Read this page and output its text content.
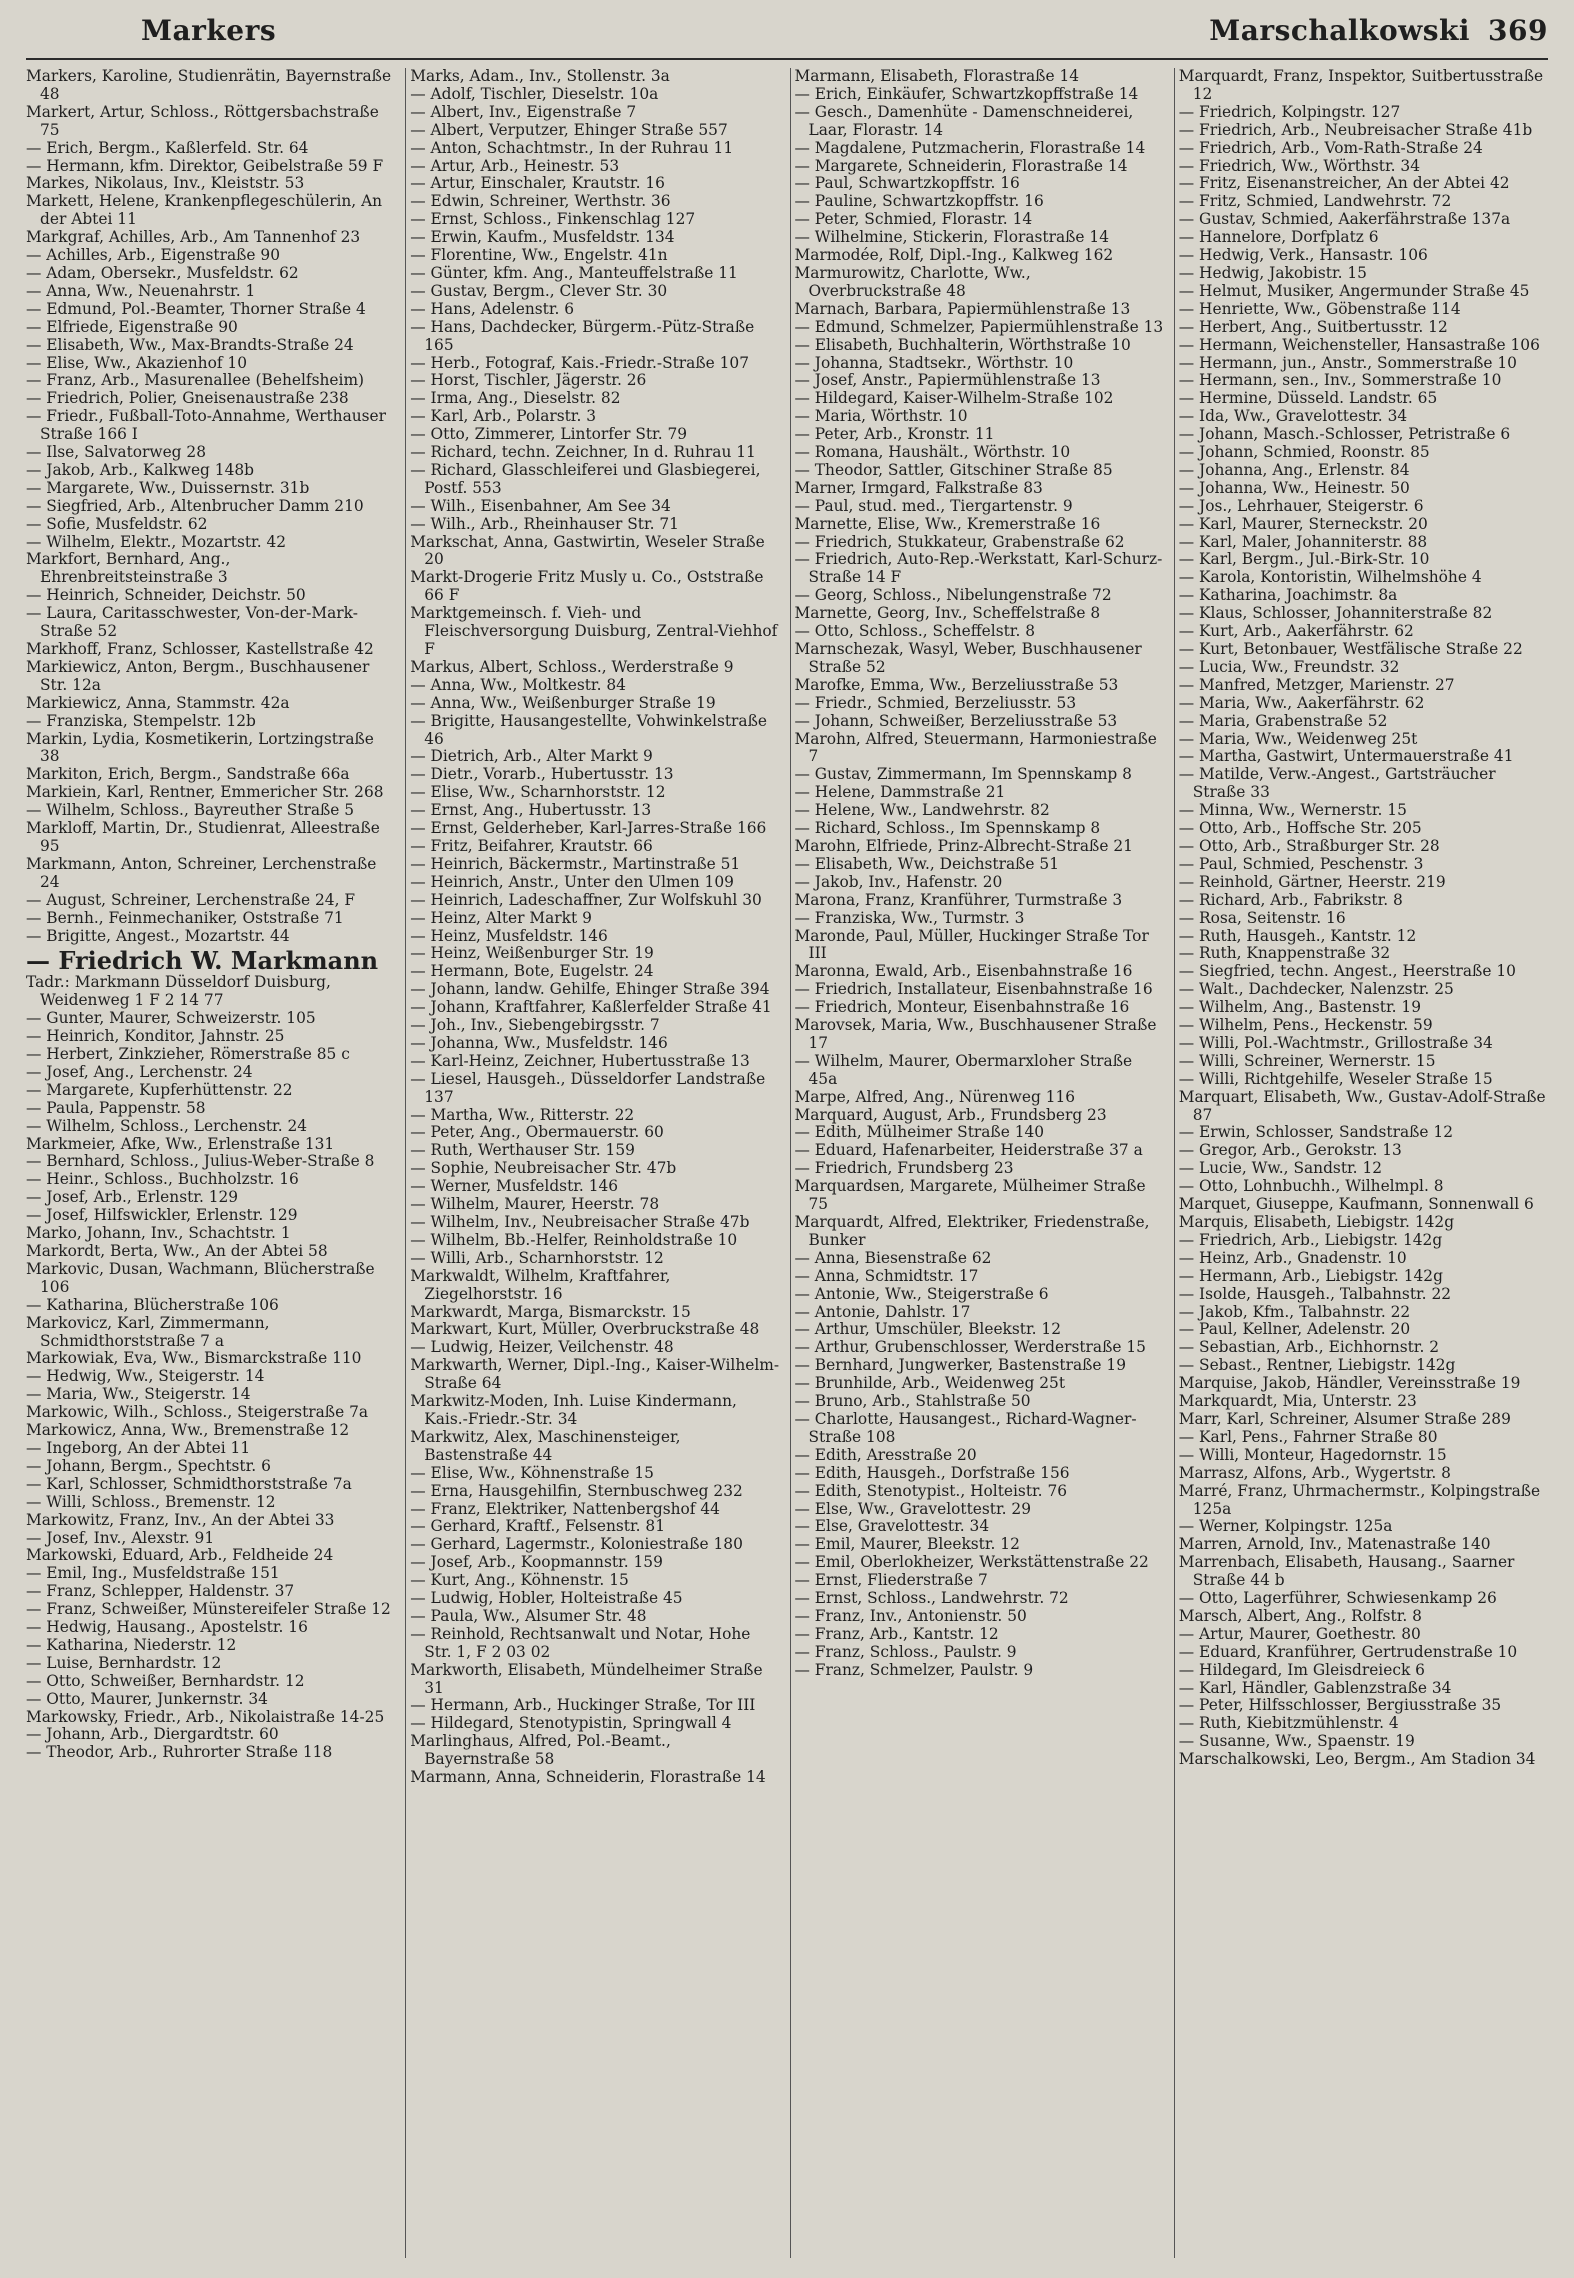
Markers	Marschalkowski 369

Markers, Karoline, Studienrätin, Bayernstraße 48

Markert, Artur, Schloss., Röttgersbachstraße 75

— Erich, Bergm., Kaßlerfeld. Str. 64

— Hermann, kfm. Direktor, Geibelstraße 59 F

Markes, Nikolaus, Inv., Kleiststr. 53

Markett, Helene, Krankenpflegeschülerin, An der Abtei 11

Markgraf, Achilles, Arb., Am Tannenhof 23

— Achilles, Arb., Eigenstraße 90

— Adam, Obersekr., Musfeldstr. 62

— Anna, Ww., Neuenahrstr. 1

— Edmund, Pol.-Beamter, Thorner Straße 4

— Elfriede, Eigenstraße 90

— Elisabeth, Ww., Max-Brandts-Straße 24

— Elise, Ww., Akazienhof 10

— Franz, Arb., Masurenallee (Behelfsheim)

— Friedrich, Polier, Gneisenaustraße 238

— Friedr., Fußball-Toto-Annahme, Werthauser Straße 166 I

— Ilse, Salvatorweg 28

— Jakob, Arb., Kalkweg 148b

— Margarete, Ww., Duissernstr. 31b

— Siegfried, Arb., Altenbrucher Damm 210

— Sofie, Musfeldstr. 62

— Wilhelm, Elektr., Mozartstr. 42

Markfort, Bernhard, Ang., Ehrenbreitsteinstraße 3

— Heinrich, Schneider, Deichstr. 50

— Laura, Caritasschwester, Von-der-Mark-Straße 52

Markhoff, Franz, Schlosser, Kastellstraße 42

Markiewicz, Anton, Bergm., Buschhausener Str. 12a

Markiewicz, Anna, Stammstr. 42a

— Franziska, Stempelstr. 12b

Markin, Lydia, Kosmetikerin, Lortzingstraße 38

Markiton, Erich, Bergm., Sandstraße 66a

Markiein, Karl, Rentner, Emmericher Str. 268

— Wilhelm, Schloss., Bayreuther Straße 5

Markloff, Martin, Dr., Studienrat, Alleestraße 95

Markmann, Anton, Schreiner, Lerchenstraße 24

— August, Schreiner, Lerchenstraße 24, F

— Bernh., Feinmechaniker, Oststraße 71

— Brigitte, Angest., Mozartstr. 44

— Friedrich W. Markmann

Tadr.: Markmann Düsseldorf Duisburg, Weidenweg 1 F 2 14 77

— Gunter, Maurer, Schweizerstr. 105

— Heinrich, Konditor, Jahnstr. 25

— Herbert, Zinkzieher, Römerstraße 85 c

— Josef, Ang., Lerchenstr. 24

— Margarete, Kupferhüttenstr. 22

— Paula, Pappenstr. 58

— Wilhelm, Schloss., Lerchenstr. 24

Markmeier, Afke, Ww., Erlenstraße 131

— Bernhard, Schloss., Julius-Weber-Straße 8

— Heinr., Schloss., Buchholzstr. 16

— Josef, Arb., Erlenstr. 129

— Josef, Hilfswickler, Erlenstr. 129

Marko, Johann, Inv., Schachtstr. 1

Markordt, Berta, Ww., An der Abtei 58

Markovic, Dusan, Wachmann, Blücherstraße 106

— Katharina, Blücherstraße 106

Markovicz, Karl, Zimmermann, Schmidthorststraße 7 a

Markowiak, Eva, Ww., Bismarckstraße 110

— Hedwig, Ww., Steigerstr. 14

— Maria, Ww., Steigerstr. 14

Markowic, Wilh., Schloss., Steigerstraße 7a

Markowicz, Anna, Ww., Bremenstraße 12

— Ingeborg, An der Abtei 11

— Johann, Bergm., Spechtstr. 6

— Karl, Schlosser, Schmidthorststraße 7a

— Willi, Schloss., Bremenstr. 12

Markowitz, Franz, Inv., An der Abtei 33

— Josef, Inv., Alexstr. 91

Markowski, Eduard, Arb., Feldheide 24

— Emil, Ing., Musfeldstraße 151

— Franz, Schlepper, Haldenstr. 37

— Franz, Schweißer, Münstereifeler Straße 12

— Hedwig, Hausang., Apostelstr. 16

— Katharina, Niederstr. 12

— Luise, Bernhardstr. 12

— Otto, Schweißer, Bernhardstr. 12

— Otto, Maurer, Junkernstr. 34

Markowsky, Friedr., Arb., Nikolaistraße 14-25

— Johann, Arb., Diergardtstr. 60

— Theodor, Arb., Ruhrorter Straße 118

Marks, Adam., Inv., Stollenstr. 3a

— Adolf, Tischler, Dieselstr. 10a

— Albert, Inv., Eigenstraße 7

— Albert, Verputzer, Ehinger Straße 557

— Anton, Schachtmstr., In der Ruhrau 11

— Artur, Arb., Heinestr. 53

— Artur, Einschaler, Krautstr. 16

— Edwin, Schreiner, Werthstr. 36

— Ernst, Schloss., Finkenschlag 127

— Erwin, Kaufm., Musfeldstr. 134

— Florentine, Ww., Engelstr. 41n

— Günter, kfm. Ang., Manteuffelstraße 11

— Gustav, Bergm., Clever Str. 30

— Hans, Adelenstr. 6

— Hans, Dachdecker, Bürgerm.-Pütz-Straße 165

— Herb., Fotograf, Kais.-Friedr.-Straße 107

— Horst, Tischler, Jägerstr. 26

— Irma, Ang., Dieselstr. 82

— Karl, Arb., Polarstr. 3

— Otto, Zimmerer, Lintorfer Str. 79

— Richard, techn. Zeichner, In d. Ruhrau 11

— Richard, Glasschleiferei und Glasbiegerei, Postf. 553

— Wilh., Eisenbahner, Am See 34

— Wilh., Arb., Rheinhauser Str. 71

Markschat, Anna, Gastwirtin, Weseler Straße 20

Markt-Drogerie Fritz Musly u. Co., Oststraße 66 F

Marktgemeinsch. f. Vieh- und Fleischversorgung Duisburg, Zentral-Viehhof F

Markus, Albert, Schloss., Werderstraße 9

— Anna, Ww., Moltkestr. 84

— Anna, Ww., Weißenburger Straße 19

— Brigitte, Hausangestellte, Vohwinkelstraße 46

— Dietrich, Arb., Alter Markt 9

— Dietr., Vorarb., Hubertusstr. 13

— Elise, Ww., Scharnhorststr. 12

— Ernst, Ang., Hubertusstr. 13

— Ernst, Gelderheber, Karl-Jarres-Straße 166

— Fritz, Beifahrer, Krautstr. 66

— Heinrich, Bäckermstr., Martinstraße 51

— Heinrich, Anstr., Unter den Ulmen 109

— Heinrich, Ladeschaffner, Zur Wolfskuhl 30

— Heinz, Alter Markt 9

— Heinz, Musfeldstr. 146

— Heinz, Weißenburger Str. 19

— Hermann, Bote, Eugelstr. 24

— Johann, landw. Gehilfe, Ehinger Straße 394

— Johann, Kraftfahrer, Kaßlerfelder Straße 41

— Joh., Inv., Siebengebirgsstr. 7

— Johanna, Ww., Musfeldstr. 146

— Karl-Heinz, Zeichner, Hubertusstraße 13

— Liesel, Hausgeh., Düsseldorfer Landstraße 137

— Martha, Ww., Ritterstr. 22

— Peter, Ang., Obermauerstr. 60

— Ruth, Werthauser Str. 159

— Sophie, Neubreisacher Str. 47b

— Werner, Musfeldstr. 146

— Wilhelm, Maurer, Heerstr. 78

— Wilhelm, Inv., Neubreisacher Straße 47b

— Wilhelm, Bb.-Helfer, Reinholdstraße 10

— Willi, Arb., Scharnhorststr. 12

Markwaldt, Wilhelm, Kraftfahrer, Ziegelhorststr. 16

Markwardt, Marga, Bismarckstr. 15

Markwart, Kurt, Müller, Overbruckstraße 48

— Ludwig, Heizer, Veilchenstr. 48

Markwarth, Werner, Dipl.-Ing., Kaiser-Wilhelm-Straße 64

Markwitz-Moden, Inh. Luise Kindermann, Kais.-Friedr.-Str. 34

Markwitz, Alex, Maschinensteiger, Bastenstraße 44

— Elise, Ww., Köhnenstraße 15

— Erna, Hausgehilfin, Sternbuschweg 232

— Franz, Elektriker, Nattenbergshof 44

— Gerhard, Kraftf., Felsenstr. 81

— Gerhard, Lagermstr., Koloniestraße 180

— Josef, Arb., Koopmannstr. 159

— Kurt, Ang., Köhnenstr. 15

— Ludwig, Hobler, Holteistraße 45

— Paula, Ww., Alsumer Str. 48

— Reinhold, Rechtsanwalt und Notar, Hohe Str. 1, F 2 03 02

Markworth, Elisabeth, Mündelheimer Straße 31

— Hermann, Arb., Huckinger Straße, Tor III

— Hildegard, Stenotypistin, Springwall 4

Marlinghaus, Alfred, Pol.-Beamt., Bayernstraße 58

Marmann, Anna, Schneiderin, Florastraße 14

Marmann, Elisabeth, Florastraße 14

— Erich, Einkäufer, Schwartzkopffstraße 14

— Gesch., Damenhüte - Damenschneiderei, Laar, Florastr. 14

— Magdalene, Putzmacherin, Florastraße 14

— Margarete, Schneiderin, Florastraße 14

— Paul, Schwartzkopffstr. 16

— Pauline, Schwartzkopffstr. 16

— Peter, Schmied, Florastr. 14

— Wilhelmine, Stickerin, Florastraße 14

Marmodée, Rolf, Dipl.-Ing., Kalkweg 162

Marmurowitz, Charlotte, Ww., Overbruckstraße 48

Marnach, Barbara, Papiermühlenstraße 13

— Edmund, Schmelzer, Papiermühlenstraße 13

— Elisabeth, Buchhalterin, Wörthstraße 10

— Johanna, Stadtsekr., Wörthstr. 10

— Josef, Anstr., Papiermühlenstraße 13

— Hildegard, Kaiser-Wilhelm-Straße 102

— Maria, Wörthstr. 10

— Peter, Arb., Kronstr. 11

— Romana, Haushält., Wörthstr. 10

— Theodor, Sattler, Gitschiner Straße 85

Marner, Irmgard, Falkstraße 83

— Paul, stud. med., Tiergartenstr. 9

Marnette, Elise, Ww., Kremerstraße 16

— Friedrich, Stukkateur, Grabenstraße 62

— Friedrich, Auto-Rep.-Werkstatt, Karl-Schurz-Straße 14 F

— Georg, Schloss., Nibelungenstraße 72

Marnette, Georg, Inv., Scheffelstraße 8

— Otto, Schloss., Scheffelstr. 8

Marnschezak, Wasyl, Weber, Buschhausener Straße 52

Marofke, Emma, Ww., Berzeliusstraße 53

— Friedr., Schmied, Berzeliusstr. 53

— Johann, Schweißer, Berzeliusstraße 53

Marohn, Alfred, Steuermann, Harmoniestraße 7

— Gustav, Zimmermann, Im Spennskamp 8

— Helene, Dammstraße 21

— Helene, Ww., Landwehrstr. 82

— Richard, Schloss., Im Spennskamp 8

Marohn, Elfriede, Prinz-Albrecht-Straße 21

— Elisabeth, Ww., Deichstraße 51

— Jakob, Inv., Hafenstr. 20

Marona, Franz, Kranführer, Turmstraße 3

— Franziska, Ww., Turmstr. 3

Maronde, Paul, Müller, Huckinger Straße Tor III

Maronna, Ewald, Arb., Eisenbahnstraße 16

— Friedrich, Installateur, Eisenbahnstraße 16

— Friedrich, Monteur, Eisenbahnstraße 16

Marovsek, Maria, Ww., Buschhausener Straße 17

— Wilhelm, Maurer, Obermarxloher Straße 45a

Marpe, Alfred, Ang., Nürenweg 116

Marquard, August, Arb., Frundsberg 23

— Edith, Mülheimer Straße 140

— Eduard, Hafenarbeiter, Heiderstraße 37 a

— Friedrich, Frundsberg 23

Marquardsen, Margarete, Mülheimer Straße 75

Marquardt, Alfred, Elektriker, Friedenstraße, Bunker

— Anna, Biesenstraße 62

— Anna, Schmidtstr. 17

— Antonie, Ww., Steigerstraße 6

— Antonie, Dahlstr. 17

— Arthur, Umschüler, Bleekstr. 12

— Arthur, Grubenschlosser, Werderstraße 15

— Bernhard, Jungwerker, Bastenstraße 19

— Brunhilde, Arb., Weidenweg 25t

— Bruno, Arb., Stahlstraße 50

— Charlotte, Hausangest., Richard-Wagner-Straße 108

— Edith, Aresstraße 20

— Edith, Hausgeh., Dorfstraße 156

— Edith, Stenotypist., Holteistr. 76

— Else, Ww., Gravelottestr. 29

— Else, Gravelottestr. 34

— Emil, Maurer, Bleekstr. 12

— Emil, Oberlokheizer, Werkstättenstraße 22

— Ernst, Fliederstraße 7

— Ernst, Schloss., Landwehrstr. 72

— Franz, Inv., Antonienstr. 50

— Franz, Arb., Kantstr. 12

— Franz, Schloss., Paulstr. 9

— Franz, Schmelzer, Paulstr. 9

Marquardt, Franz, Inspektor, Suitbertusstraße 12

— Friedrich, Kolpingstr. 127

— Friedrich, Arb., Neubreisacher Straße 41b

— Friedrich, Arb., Vom-Rath-Straße 24

— Friedrich, Ww., Wörthstr. 34

— Fritz, Eisenanstreicher, An der Abtei 42

— Fritz, Schmied, Landwehrstr. 72

— Gustav, Schmied, Aakerfährstraße 137a

— Hannelore, Dorfplatz 6

— Hedwig, Verk., Hansastr. 106

— Hedwig, Jakobistr. 15

— Helmut, Musiker, Angermunder Straße 45

— Henriette, Ww., Göbenstraße 114

— Herbert, Ang., Suitbertusstr. 12

— Hermann, Weichensteller, Hansastraße 106

— Hermann, jun., Anstr., Sommerstraße 10

— Hermann, sen., Inv., Sommerstraße 10

— Hermine, Düsseld. Landstr. 65

— Ida, Ww., Gravelottestr. 34

— Johann, Masch.-Schlosser, Petristraße 6

— Johann, Schmied, Roonstr. 85

— Johanna, Ang., Erlenstr. 84

— Johanna, Ww., Heinestr. 50

— Jos., Lehrhauer, Steigerstr. 6

— Karl, Maurer, Sterneckstr. 20

— Karl, Maler, Johanniterstr. 88

— Karl, Bergm., Jul.-Birk-Str. 10

— Karola, Kontoristin, Wilhelmshöhe 4

— Katharina, Joachimstr. 8a

— Klaus, Schlosser, Johanniterstraße 82

— Kurt, Arb., Aakerfährstr. 62

— Kurt, Betonbauer, Westfälische Straße 22

— Lucia, Ww., Freundstr. 32

— Manfred, Metzger, Marienstr. 27

— Maria, Ww., Aakerfährstr. 62

— Maria, Grabenstraße 52

— Maria, Ww., Weidenweg 25t

— Martha, Gastwirt, Untermauerstraße 41

— Matilde, Verw.-Angest., Gartsträucher Straße 33

— Minna, Ww., Wernerstr. 15

— Otto, Arb., Hoffsche Str. 205

— Otto, Arb., Straßburger Str. 28

— Paul, Schmied, Peschenstr. 3

— Reinhold, Gärtner, Heerstr. 219

— Richard, Arb., Fabrikstr. 8

— Rosa, Seitenstr. 16

— Ruth, Hausgeh., Kantstr. 12

— Ruth, Knappenstraße 32

— Siegfried, techn. Angest., Heerstraße 10

— Walt., Dachdecker, Nalenzstr. 25

— Wilhelm, Ang., Bastenstr. 19

— Wilhelm, Pens., Heckenstr. 59

— Willi, Pol.-Wachtmstr., Grillostraße 34

— Willi, Schreiner, Wernerstr. 15

— Willi, Richtgehilfe, Weseler Straße 15

Marquart, Elisabeth, Ww., Gustav-Adolf-Straße 87

— Erwin, Schlosser, Sandstraße 12

— Gregor, Arb., Gerokstr. 13

— Lucie, Ww., Sandstr. 12

— Otto, Lohnbuchh., Wilhelmpl. 8

Marquet, Giuseppe, Kaufmann, Sonnenwall 6

Marquis, Elisabeth, Liebigstr. 142g

— Friedrich, Arb., Liebigstr. 142g

— Heinz, Arb., Gnadenstr. 10

— Hermann, Arb., Liebigstr. 142g

— Isolde, Hausgeh., Talbahnstr. 22

— Jakob, Kfm., Talbahnstr. 22

— Paul, Kellner, Adelenstr. 20

— Sebastian, Arb., Eichhornstr. 2

— Sebast., Rentner, Liebigstr. 142g

Marquise, Jakob, Händler, Vereinsstraße 19

Markquardt, Mia, Unterstr. 23

Marr, Karl, Schreiner, Alsumer Straße 289

— Karl, Pens., Fahrner Straße 80

— Willi, Monteur, Hagedornstr. 15

Marrasz, Alfons, Arb., Wygertstr. 8

Marré, Franz, Uhrmachermstr., Kolpingstraße 125a

— Werner, Kolpingstr. 125a

Marren, Arnold, Inv., Matenastraße 140

Marrenbach, Elisabeth, Hausang., Saarner Straße 44 b

— Otto, Lagerführer, Schwiesenkamp 26

Marsch, Albert, Ang., Rolfstr. 8

— Artur, Maurer, Goethestr. 80

— Eduard, Kranführer, Gertrudenstraße 10

— Hildegard, Im Gleisdreieck 6

— Karl, Händler, Gablenzstraße 34

— Peter, Hilfsschlosser, Bergiusstraße 35

— Ruth, Kiebitzmühlenstr. 4

— Susanne, Ww., Spaenstr. 19

Marschalkowski, Leo, Bergm., Am Stadion 34
